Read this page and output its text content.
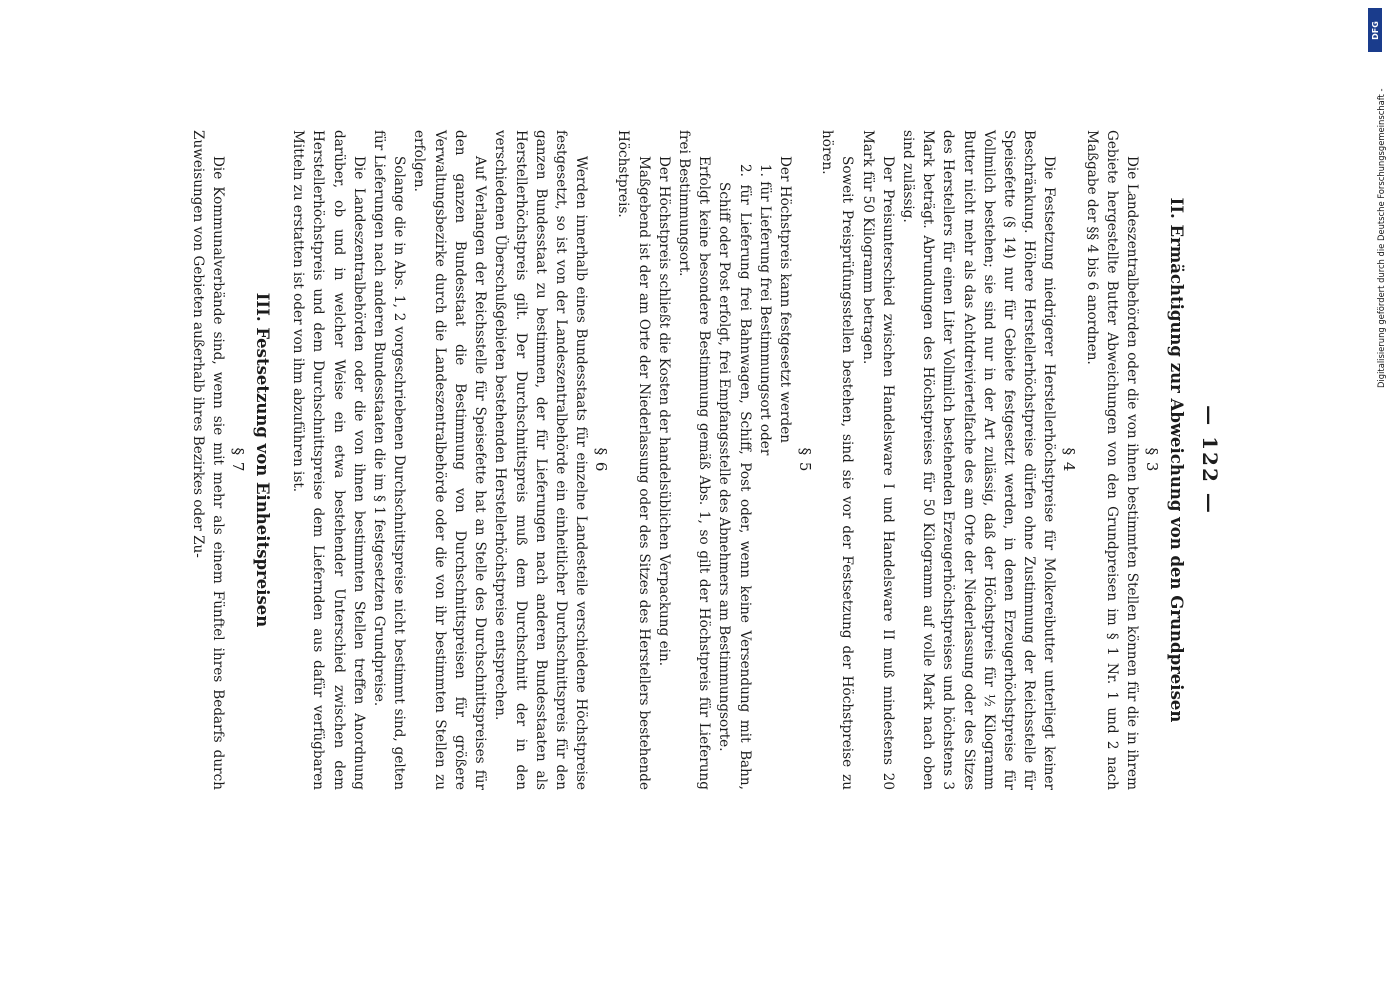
— 122 —
II. Ermächtigung zur Abweichung von den Grundpreisen
§ 3

Die Landeszentralbehörden oder die von ihnen bestimmten Stellen können für die in ihrem Gebiete hergestellte Butter Abweichungen von den Grundpreisen im § 1 Nr. 1 und 2 nach Maßgabe der §§ 4 bis 6 anordnen.

§ 4

Die Festsetzung niedrigerer Herstellerhöchstpreise für Molkereibutter unterliegt keiner Beschränkung. Höhere Herstellerhöchstpreise dürfen ohne Zustimmung der Reichsstelle für Speisefette (§ 14) nur für Gebiete festgesetzt werden, in denen Erzeugerhöchstpreise für Vollmilch bestehen; sie sind nur in der Art zulässig, daß der Höchstpreis für ½ Kilogramm Butter nicht mehr als das Achtdreiviertelfache des am Orte der Niederlassung oder des Sitzes des Herstellers für einen Liter Vollmilch bestehenden Erzeugerhöchstpreises und höchstens 3 Mark beträgt. Abrundungen des Höchstpreises für 50 Kilogramm auf volle Mark nach oben sind zulässig.

Der Preisunterschied zwischen Handelsware I und Handelsware II muß mindestens 20 Mark für 50 Kilogramm betragen.

Soweit Preisprüfungsstellen bestehen, sind sie vor der Festsetzung der Höchstpreise zu hören.

§ 5

Der Höchstpreis kann festgesetzt werden

1. für Lieferung frei Bestimmungsort oder

2. für Lieferung frei Bahnwagen, Schiff, Post oder, wenn keine Versendung mit Bahn, Schiff oder Post erfolgt, frei Empfangsstelle des Abnehmers am Bestimmungsorte.

Erfolgt keine besondere Bestimmung gemäß Abs. 1, so gilt der Höchstpreis für Lieferung frei Bestimmungsort.

Der Höchstpreis schließt die Kosten der handelsüblichen Verpackung ein.

Maßgebend ist der am Orte der Niederlassung oder des Sitzes des Herstellers bestehende Höchstpreis.

§ 6

Werden innerhalb eines Bundesstaats für einzelne Landesteile verschiedene Höchstpreise festgesetzt, so ist von der Landeszentralbehörde ein einheitlicher Durchschnittspreis für den ganzen Bundesstaat zu bestimmen, der für Lieferungen nach anderen Bundesstaaten als Herstellerhöchstpreis gilt. Der Durchschnittspreis muß dem Durchschnitt der in den verschiedenen Überschußgebieten bestehenden Herstellerhöchstpreise entsprechen.

Auf Verlangen der Reichsstelle für Speisefette hat an Stelle des Durchschnittspreises für den ganzen Bundesstaat die Bestimmung von Durchschnittspreisen für größere Verwaltungsbezirke durch die Landeszentralbehörde oder die von ihr bestimmten Stellen zu erfolgen.

Solange die in Abs. 1, 2 vorgeschriebenen Durchschnittspreise nicht bestimmt sind, gelten für Lieferungen nach anderen Bundesstaaten die im § 1 festgesetzten Grundpreise.

Die Landeszentralbehörden oder die von ihnen bestimmten Stellen treffen Anordnung darüber, ob und in welcher Weise ein etwa bestehender Unterschied zwischen dem Herstellerhöchstpreis und dem Durchschnittspreise dem Liefernden aus dafür verfügbaren Mitteln zu erstatten ist oder von ihm abzuführen ist.

III. Festsetzung von Einheitspreisen
§ 7

Die Kommunalverbände sind, wenn sie mit mehr als einem Fünftel ihres Bedarfs durch Zuweisungen von Gebieten außerhalb ihres Bezirkes oder Zu-

DFG
Digitalisierung gefördert durch die Deutsche Forschungsgemeinschaft -
